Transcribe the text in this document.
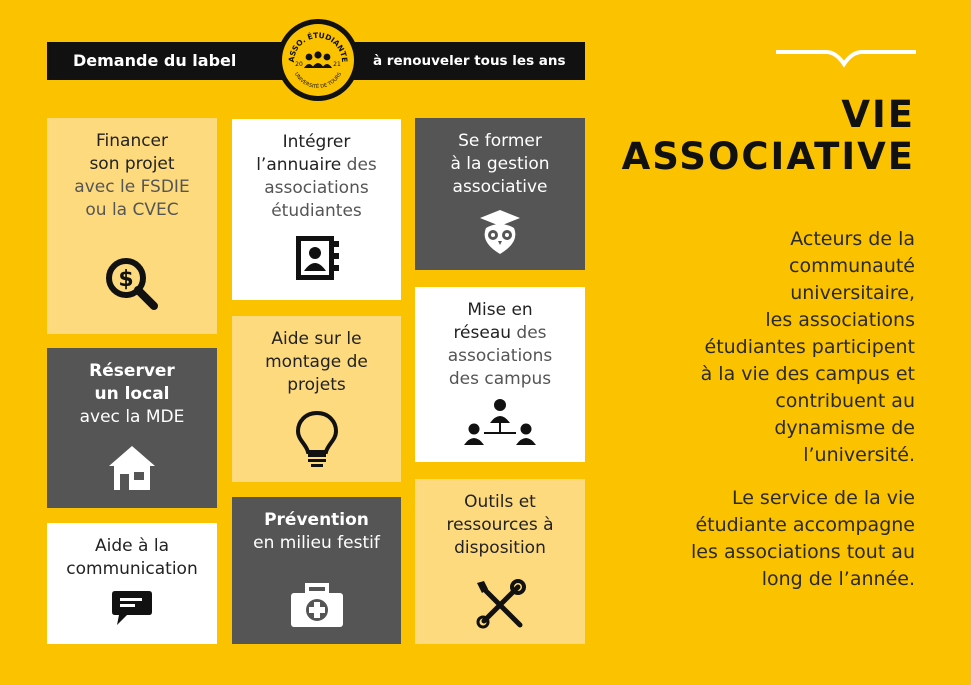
Demande du label	à renouveler tous les ans
ASSO. ÉTUDIANTE
UNIVERSITÉ DE TOURS
20	21
Financer
son projet
avec le FSDIE
ou la CVEC
$
Réserver
un local
avec la MDE
Aide à la
communication
Intégrer
l’annuaire des
associations
étudiantes
Aide sur le
montage de
projets
Prévention
en milieu festif
Se former
à la gestion
associative
Mise en
réseau des
associations
des campus
Outils et
ressources à
disposition
VIE
ASSOCIATIVE
Acteurs de la
communauté
universitaire,
les associations
étudiantes participent
à la vie des campus et
contribuent au
dynamisme de
l’université.
Le service de la vie
étudiante accompagne
les associations tout au
long de l’année.
